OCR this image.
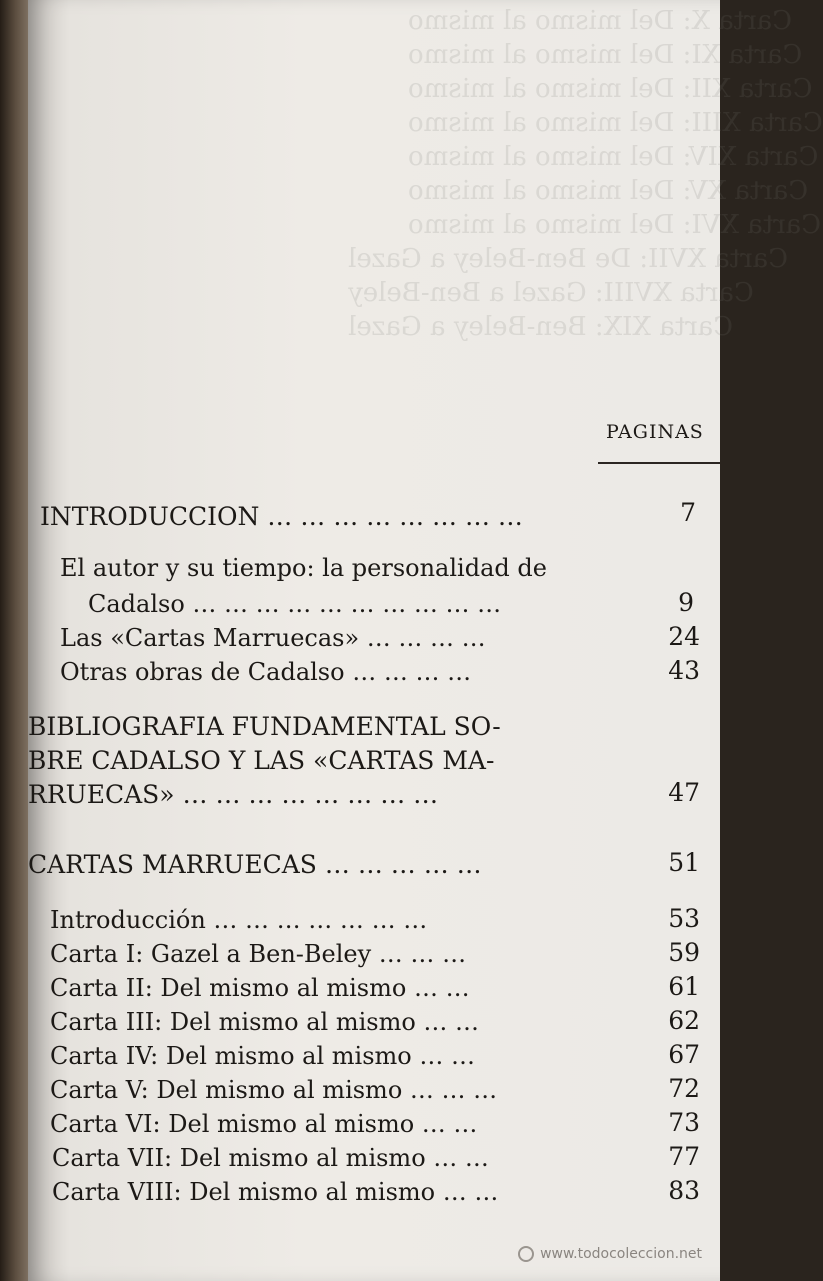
Carta X: Del mismo al mismo
Carta XI: Del mismo al mismo
Carta XII: Del mismo al mismo
Carta XIII: Del mismo al mismo
Carta XIV: Del mismo al mismo
Carta XV: Del mismo al mismo
Carta XVI: Del mismo al mismo
Carta XVII: De Ben-Beley a Gazel
Carta XVIII: Gazel a Ben-Beley
Carta XIX: Ben-Beley a Gazel
PAGINAS
INTRODUCCION … … … … … … … …	7
El autor y su tiempo: la personalidad de
Cadalso … … … … … … … … … …	9
Las «Cartas Marruecas» … … … …	24
Otras obras de Cadalso … … … …	43
BIBLIOGRAFIA FUNDAMENTAL SO-
BRE CADALSO Y LAS «CARTAS MA-
RRUECAS» … … … … … … … …	47
CARTAS MARRUECAS … … … … …	51
Introducción … … … … … … …	53
Carta I: Gazel a Ben-Beley … … …	59
Carta II: Del mismo al mismo … …	61
Carta III: Del mismo al mismo … …	62
Carta IV: Del mismo al mismo … …	67
Carta V: Del mismo al mismo … … …	72
Carta VI: Del mismo al mismo … …	73
Carta VII: Del mismo al mismo … …	77
Carta VIII: Del mismo al mismo … …	83
www.todocoleccion.net
